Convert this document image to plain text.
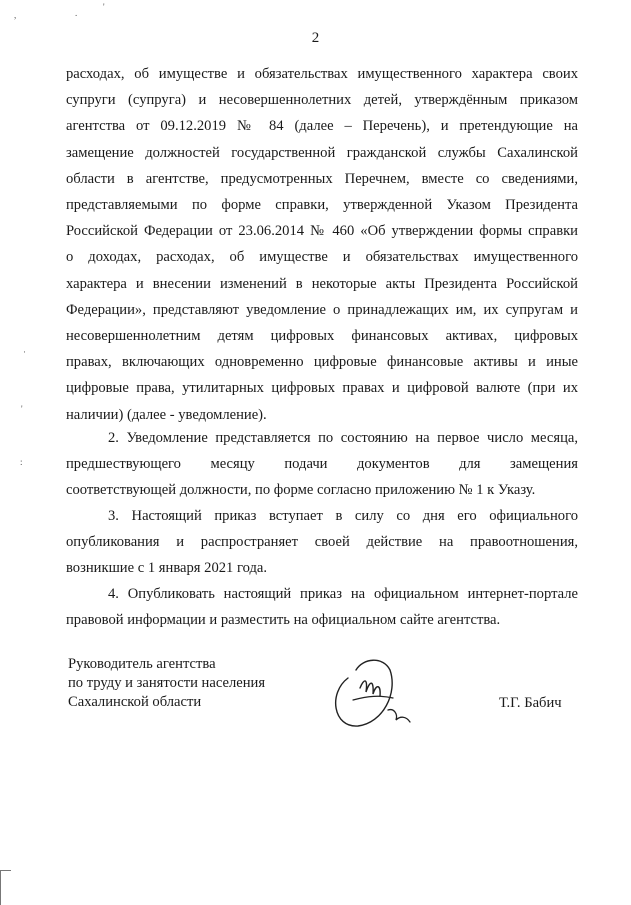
2
расходах, об имуществе и обязательствах имущественного характера своих
супруги (супруга) и несовершеннолетних детей, утверждённым приказом
агентства от 09.12.2019 № 84 (далее – Перечень), и претендующие на
замещение должностей государственной гражданской службы Сахалинской
области в агентстве, предусмотренных Перечнем, вместе со сведениями,
представляемыми по форме справки, утвержденной Указом Президента
Российской Федерации от 23.06.2014 № 460 «Об утверждении формы справки
о доходах, расходах, об имуществе и обязательствах имущественного
характера и внесении изменений в некоторые акты Президента Российской
Федерации», представляют уведомление о принадлежащих им, их супругам и
несовершеннолетним детям цифровых финансовых активах, цифровых
правах, включающих одновременно цифровые финансовые активы и иные
цифровые права, утилитарных цифровых правах и цифровой валюте (при их
наличии) (далее - уведомление).
2. Уведомление представляется по состоянию на первое число месяца,
предшествующего месяцу подачи документов для замещения
соответствующей должности, по форме согласно приложению № 1 к Указу.
3. Настоящий приказ вступает в силу со дня его официального
опубликования и распространяет своей действие на правоотношения,
возникшие с 1 января 2021 года.
4. Опубликовать настоящий приказ на официальном интернет-портале
правовой информации и разместить на официальном сайте агентства.
Руководитель агентства
по труду и занятости населения
Сахалинской области	Т.Г. Бабич
,	.
'
·
'
:
